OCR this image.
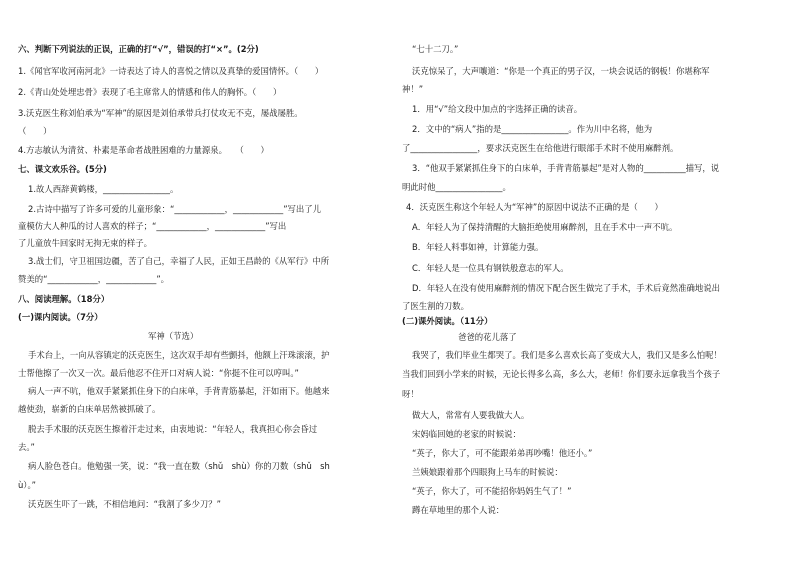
六、判断下列说法的正误，正确的打“√”，错误的打“×”。(2分)
1.《闻官军收河南河北》一诗表达了诗人的喜悦之情以及真挚的爱国情怀。（　　）
2.《青山处处埋忠骨》表现了毛主席常人的情感和伟人的胸怀。（　　）
3.沃克医生称刘伯承为“军神”的原因是刘伯承带兵打仗攻无不克，屡战屡胜。
（　　）
4.方志敏认为清贫、朴素是革命者战胜困难的力量源泉。　　（　　）
七、课文欢乐谷。(5分)
1.故人西辞黄鹤楼，________________。
2.古诗中描写了许多可爱的儿童形象：“____________，____________”写出了儿
童模仿大人种瓜的讨人喜欢的样子；“____________，____________”写出
了儿童放牛回家时无拘无束的样子。
3.战士们，守卫祖国边疆，苦了自己，幸福了人民，正如王昌龄的《从军行》中所
赞美的“____________，____________”。
八、阅读理解。（18分）
(一)课内阅读。（7分）
军神（节选）
手术台上，一向从容镇定的沃克医生，这次双手却有些颤抖，他额上汗珠滚滚，护
士帮他擦了一次又一次。最后他忍不住开口对病人说：“你挺不住可以哼叫。”
病人一声不吭，他双手紧紧抓住身下的白床单，手背青筋暴起，汗如雨下。他越来
越使劲，崭新的白床单居然被抓破了。
脱去手术服的沃克医生擦着汗走过来，由衷地说：“年轻人，我真担心你会昏过
去。”
病人脸色苍白。他勉强一笑，说：“我一直在数（shǔ　shù）你的刀数（shǔ　sh
ù）。”
沃克医生吓了一跳，不相信地问：“我割了多少刀？”
“七十二刀。”
沃克惊呆了，大声嚷道：“你是一个真正的男子汉，一块会说话的钢板！你堪称军
神！”
1．用“√”给文段中加点的字选择正确的读音。
2．文中的“病人”指的是________________。作为川中名将，他为
了________________，要求沃克医生在给他进行眼部手术时不使用麻醉剂。
3．“他双手紧紧抓住身下的白床单，手背青筋暴起”是对人物的__________描写，说
明此时他________________。
4．沃克医生称这个年轻人为“军神”的原因中说法不正确的是（　　）
A．年轻人为了保持清醒的大脑拒绝使用麻醉剂，且在手术中一声不吭。
B．年轻人料事如神，计算能力强。
C．年轻人是一位具有钢铁般意志的军人。
D．年轻人在没有使用麻醉剂的情况下配合医生做完了手术，手术后竟然准确地说出
了医生割的刀数。
(二)课外阅读。（11分）
爸爸的花儿落了
我哭了，我们毕业生都哭了。我们是多么喜欢长高了变成大人，我们又是多么怕呢！
当我们回到小学来的时候，无论长得多么高，多么大，老师！你们要永远拿我当个孩子
呀！
做大人，常常有人要我做大人。
宋妈临回她的老家的时候说：
“英子，你大了，可不能跟弟弟再吵嘴！他还小。”
兰姨娘跟着那个四眼狗上马车的时候说：
“英子，你大了，可不能招你妈妈生气了！”
蹲在草地里的那个人说：
